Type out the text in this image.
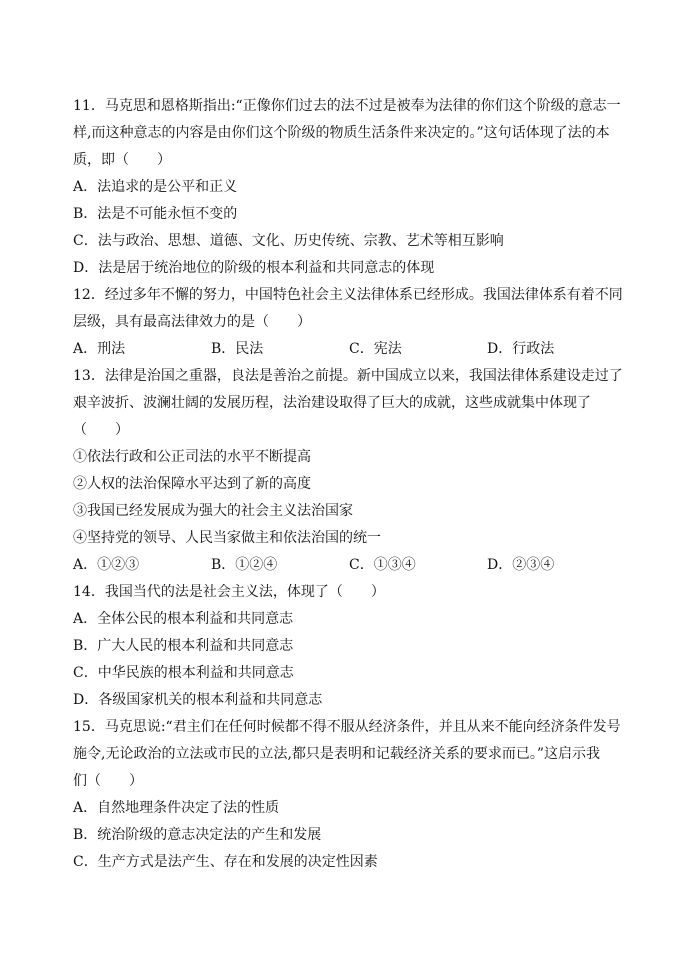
11．马克思和恩格斯指出:“正像你们过去的法不过是被奉为法律的你们这个阶级的意志一
样,而这种意志的内容是由你们这个阶级的物质生活条件来决定的。”这句话体现了法的本
质，即（　　）
A．法追求的是公平和正义
B．法是不可能永恒不变的
C．法与政治、思想、道德、文化、历史传统、宗教、艺术等相互影响
D．法是居于统治地位的阶级的根本利益和共同意志的体现
12．经过多年不懈的努力，中国特色社会主义法律体系已经形成。我国法律体系有着不同
层级，具有最高法律效力的是（　　）
A．刑法	B．民法	C．宪法	D．行政法
13．法律是治国之重器，良法是善治之前提。新中国成立以来，我国法律体系建设走过了
艰辛波折、波澜壮阔的发展历程，法治建设取得了巨大的成就，这些成就集中体现了
（　　）
①依法行政和公正司法的水平不断提高
②人权的法治保障水平达到了新的高度
③我国已经发展成为强大的社会主义法治国家
④坚持党的领导、人民当家做主和依法治国的统一
A．①②③	B．①②④	C．①③④	D．②③④
14．我国当代的法是社会主义法，体现了（　　）
A．全体公民的根本利益和共同意志
B．广大人民的根本利益和共同意志
C．中华民族的根本利益和共同意志
D．各级国家机关的根本利益和共同意志
15．马克思说:“君主们在任何时候都不得不服从经济条件，并且从来不能向经济条件发号
施令,无论政治的立法或市民的立法,都只是表明和记载经济关系的要求而已。”这启示我
们（　　）
A．自然地理条件决定了法的性质
B．统治阶级的意志决定法的产生和发展
C．生产方式是法产生、存在和发展的决定性因素
